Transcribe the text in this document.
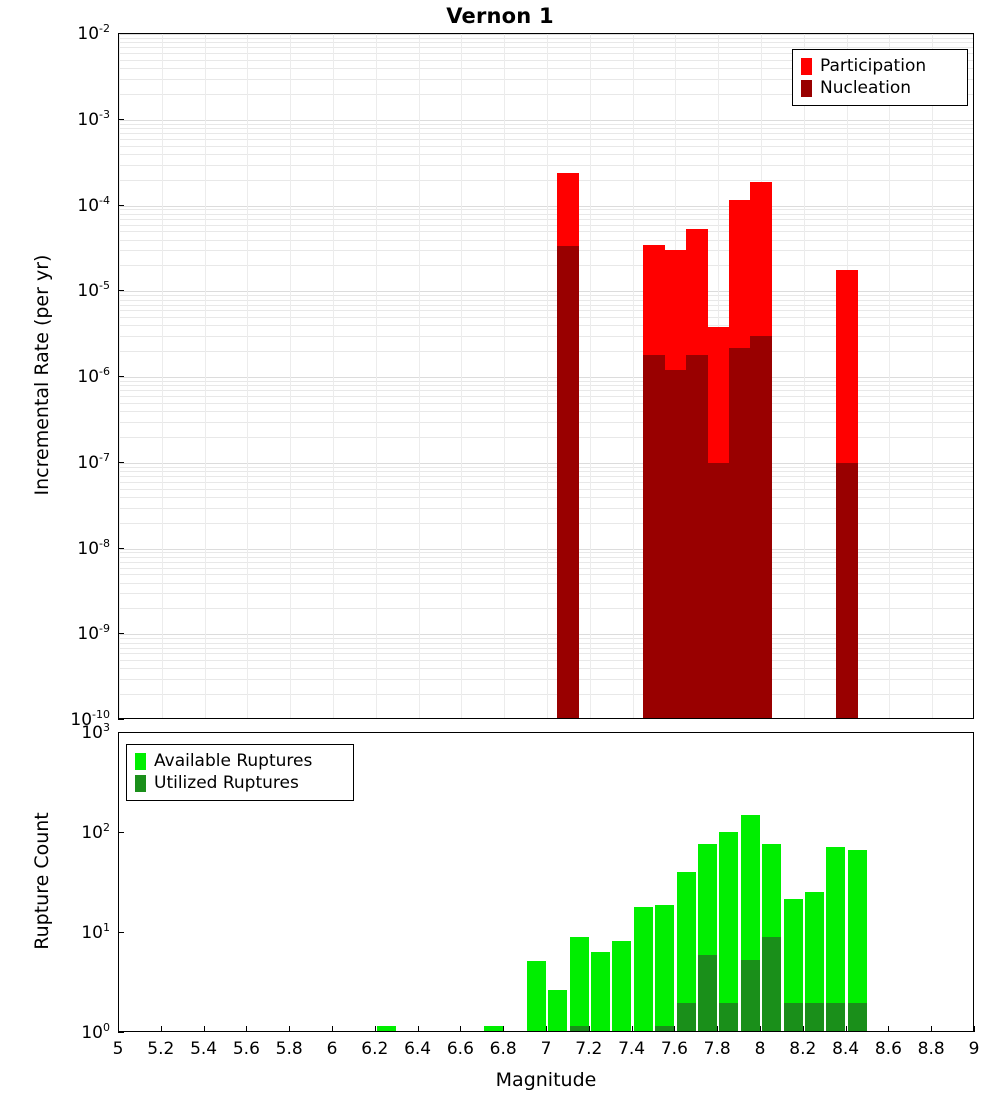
Vernon 1
$10^{-10}$
$10^{-9}$
$10^{-8}$
$10^{-7}$
$10^{-6}$
$10^{-5}$
$10^{-4}$
$10^{-3}$
$10^{-2}$
Incremental Rate (per yr)
Participation
Nucleation
$10^0$
$10^1$
$10^2$
$10^3$
5 5.2 5.4 5.6 5.8 6 6.2 6.4 6.6 6.8 7 7.2 7.4 7.6 7.8 8 8.2 8.4 8.6 8.8 9
Rupture Count
Magnitude
Available Ruptures
Utilized Ruptures
